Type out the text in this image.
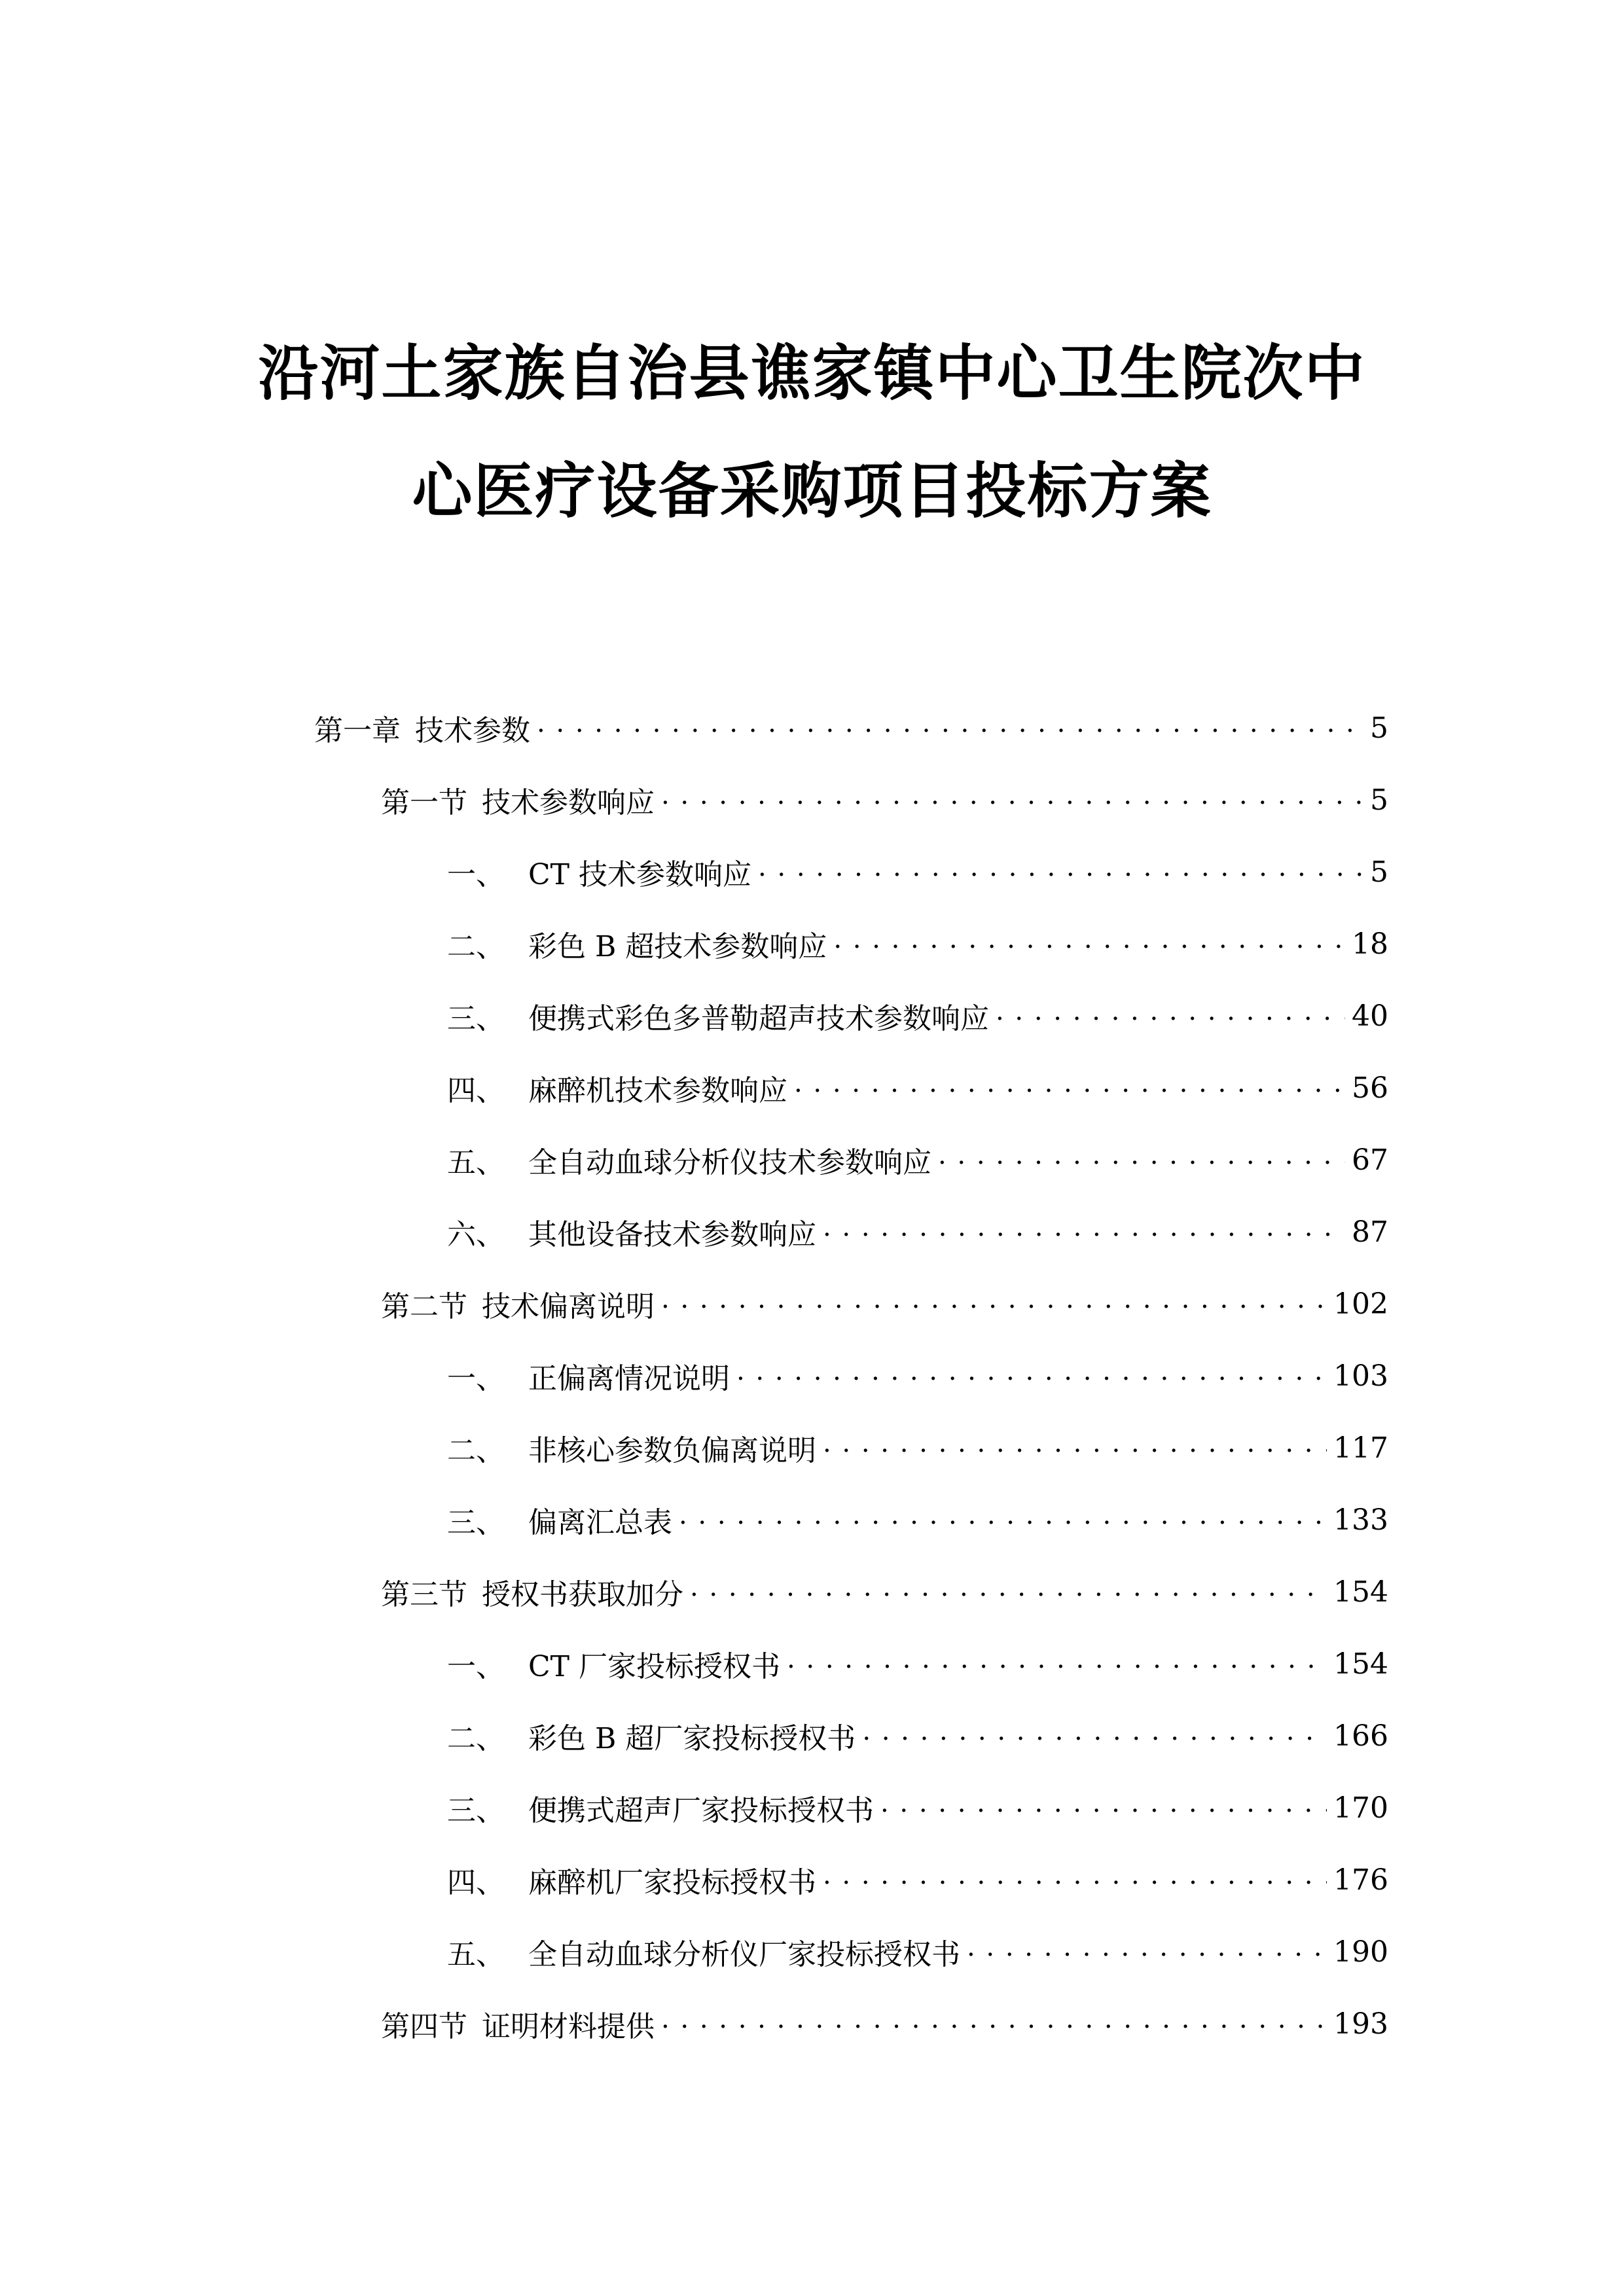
沿河土家族自治县谯家镇中心卫生院次中
心医疗设备采购项目投标方案
第一章 技术参数 . . .	5
第一节 技术参数响应 . . .	5
一、 CT 技术参数响应 . . .	5
二、 彩色 B 超技术参数响应 . . .	18
三、 便携式彩色多普勒超声技术参数响应 . . .	40
四、 麻醉机技术参数响应 . . .	56
五、 全自动血球分析仪技术参数响应 . . .	67
六、 其他设备技术参数响应 . . .	87
第二节 技术偏离说明 . . .	102
一、 正偏离情况说明 . . .	103
二、 非核心参数负偏离说明 . . .	117
三、 偏离汇总表 . . .	133
第三节 授权书获取加分 . . .	154
一、 CT 厂家投标授权书 . . .	154
二、 彩色 B 超厂家投标授权书 . . .	166
三、 便携式超声厂家投标授权书 . . .	170
四、 麻醉机厂家投标授权书 . . .	176
五、 全自动血球分析仪厂家投标授权书 . . .	190
第四节 证明材料提供 . . .	193
